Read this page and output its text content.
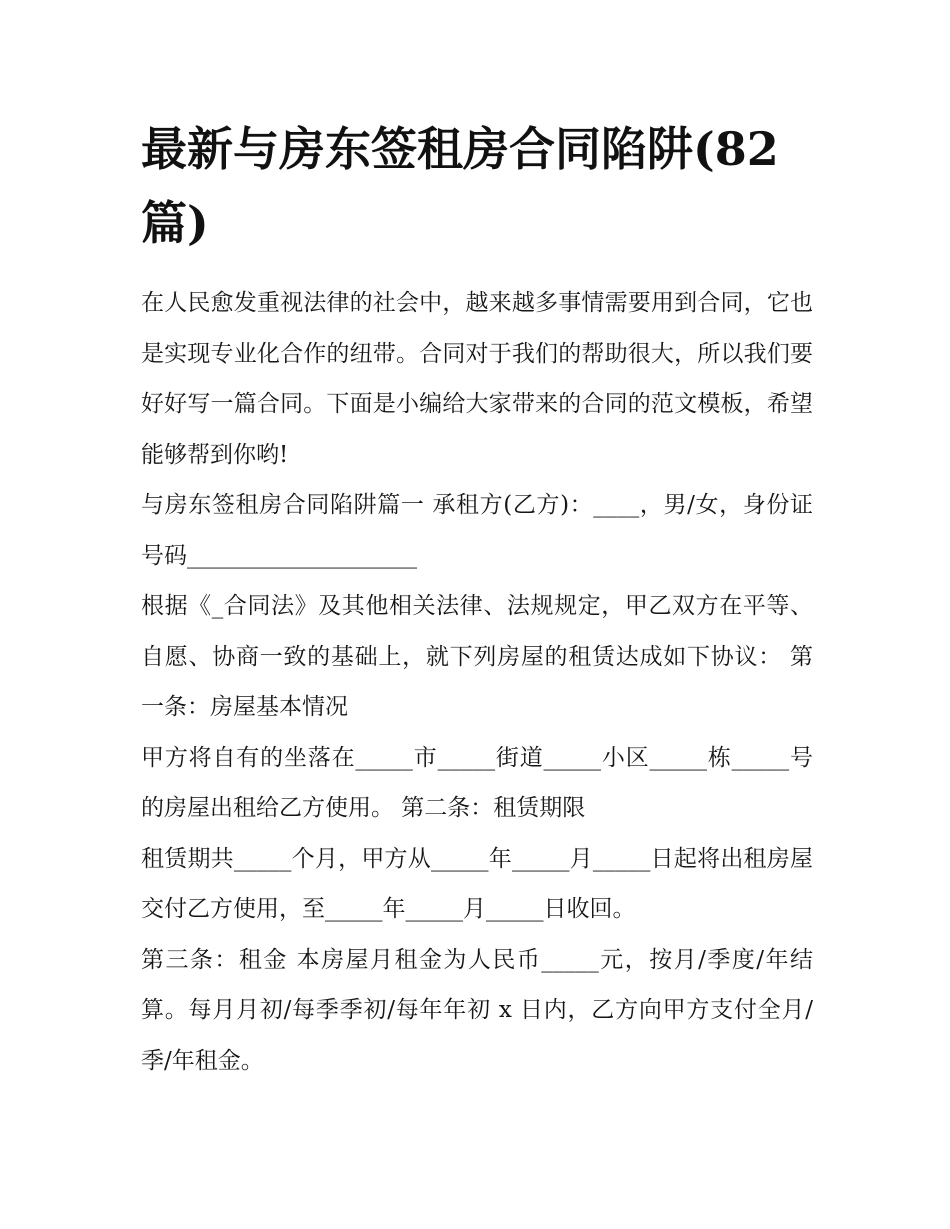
最新与房东签租房合同陷阱(82篇)

在人民愈发重视法律的社会中，越来越多事情需要用到合同，它也是实现专业化合作的纽带。合同对于我们的帮助很大，所以我们要好好写一篇合同。下面是小编给大家带来的合同的范文模板，希望能够帮到你哟!

与房东签租房合同陷阱篇一 承租方(乙方)：____，男/女，身份证号码____________________

根据《_合同法》及其他相关法律、法规规定，甲乙双方在平等、自愿、协商一致的基础上，就下列房屋的租赁达成如下协议： 第一条：房屋基本情况

甲方将自有的坐落在_____市_____街道_____小区_____栋_____号的房屋出租给乙方使用。 第二条：租赁期限

租赁期共_____个月，甲方从_____年_____月_____日起将出租房屋交付乙方使用，至_____年_____月_____日收回。

第三条：租金 本房屋月租金为人民币_____元，按月/季度/年结算。每月月初/每季季初/每年年初 x 日内，乙方向甲方支付全月/季/年租金。
